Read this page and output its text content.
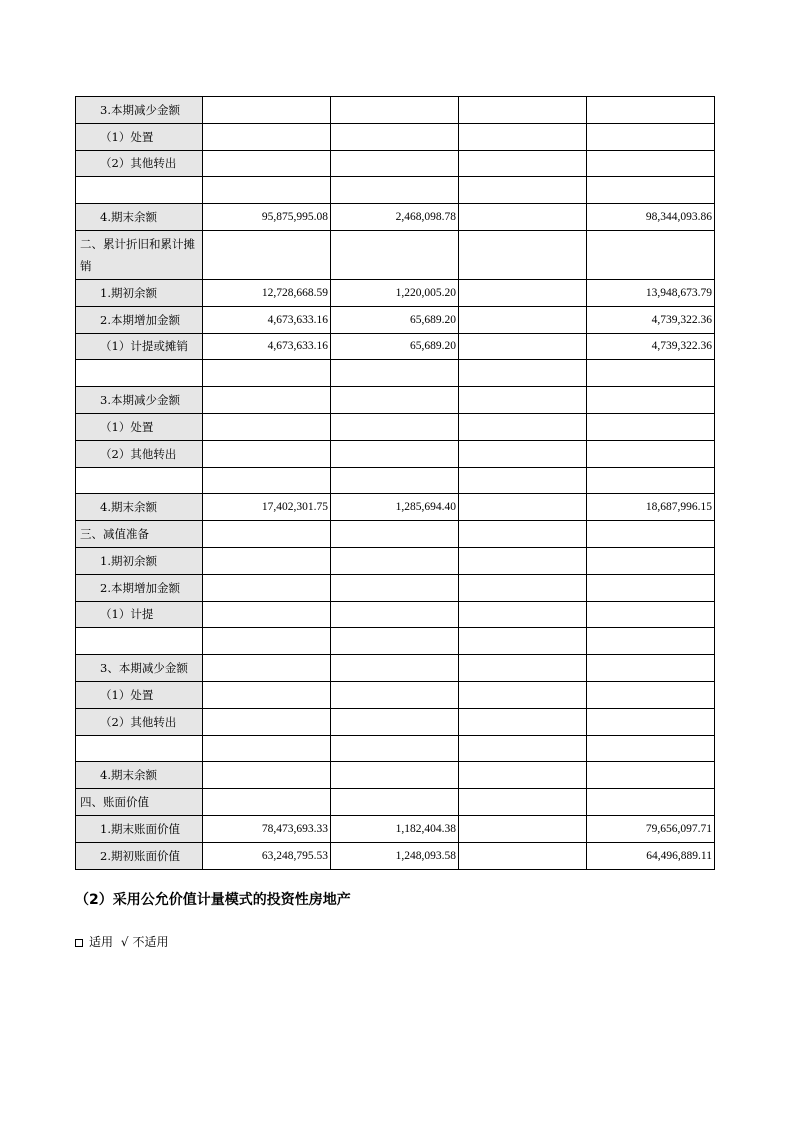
3.本期减少金额				
（1）处置				
（2）其他转出				

4.期末余额	95,875,995.08	2,468,098.78		98,344,093.86
二、累计折旧和累计摊销				
1.期初余额	12,728,668.59	1,220,005.20		13,948,673.79
2.本期增加金额	4,673,633.16	65,689.20		4,739,322.36
（1）计提或摊销	4,673,633.16	65,689.20		4,739,322.36

3.本期减少金额				
（1）处置				
（2）其他转出				

4.期末余额	17,402,301.75	1,285,694.40		18,687,996.15
三、减值准备				
1.期初余额				
2.本期增加金额				
（1）计提				

3、本期减少金额				
（1）处置				
（2）其他转出				

4.期末余额				
四、账面价值				
1.期末账面价值	78,473,693.33	1,182,404.38		79,656,097.71
2.期初账面价值	63,248,795.53	1,248,093.58		64,496,889.11
（2）采用公允价值计量模式的投资性房地产
适用 √ 不适用
